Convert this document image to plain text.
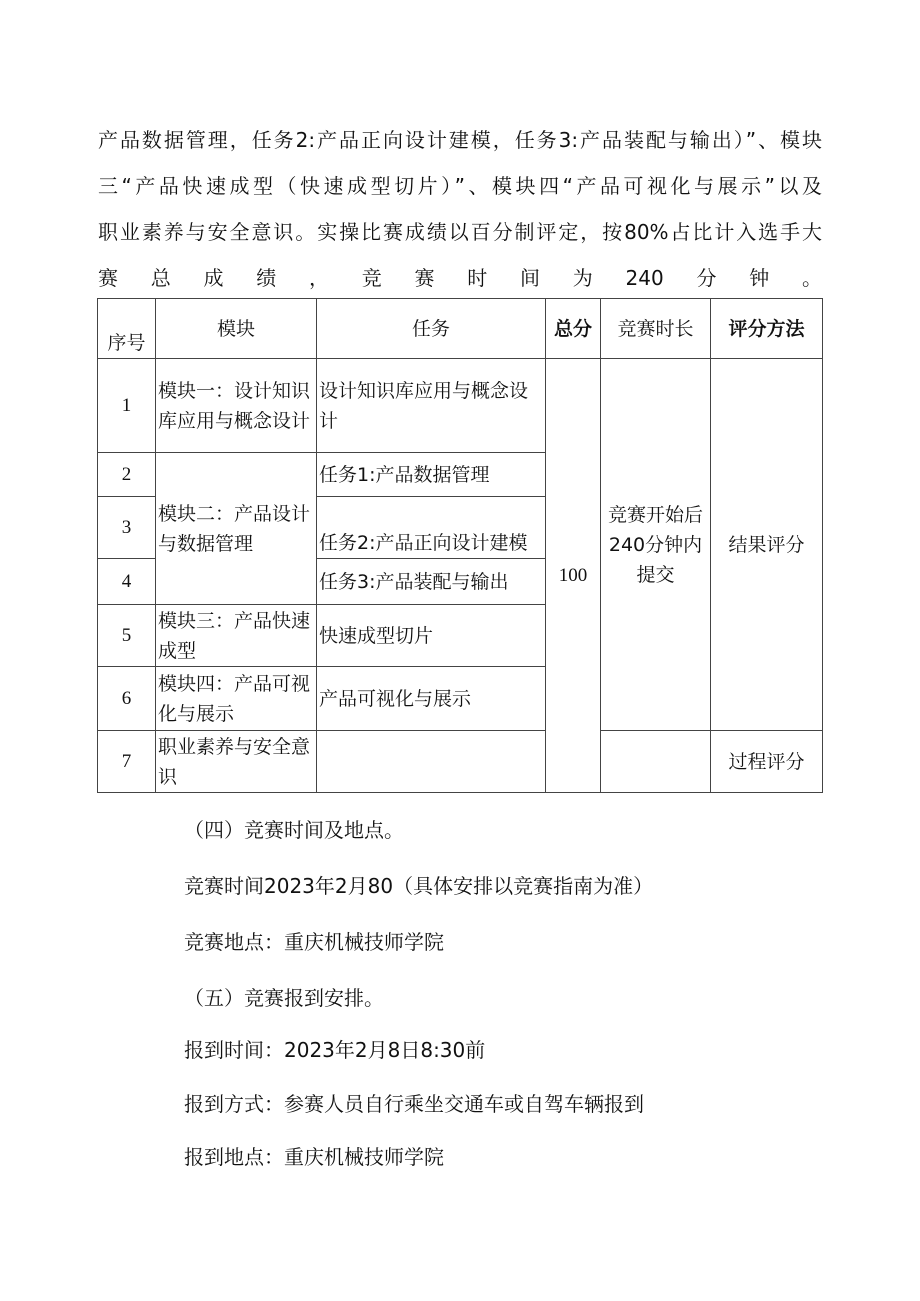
产品数据管理，任务2:产品正向设计建模，任务3:产品装配与输出）”、模块
三“产品快速成型（快速成型切片）”、模块四“产品可视化与展示”以及
职业素养与安全意识。实操比赛成绩以百分制评定，按80%占比计入选手大
赛总成绩，竞赛时间为240分钟。
序号	模块	任务	总分	竞赛时长	评分方法
1	模块一：设计知识库应用与概念设计	设计知识库应用与概念设计	100	竞赛开始后240分钟内提交	结果评分
2	模块二：产品设计与数据管理	任务1:产品数据管理			
3		任务2:产品正向设计建模			
4		任务3:产品装配与输出			
5	模块三：产品快速成型	快速成型切片			
6	模块四：产品可视化与展示	产品可视化与展示			
7	职业素养与安全意识				过程评分
（四）竞赛时间及地点。
竞赛时间2023年2月80（具体安排以竞赛指南为准）
竞赛地点：重庆机械技师学院
（五）竞赛报到安排。
报到时间：2023年2月8日8:30前
报到方式：参赛人员自行乘坐交通车或自驾车辆报到
报到地点：重庆机械技师学院
